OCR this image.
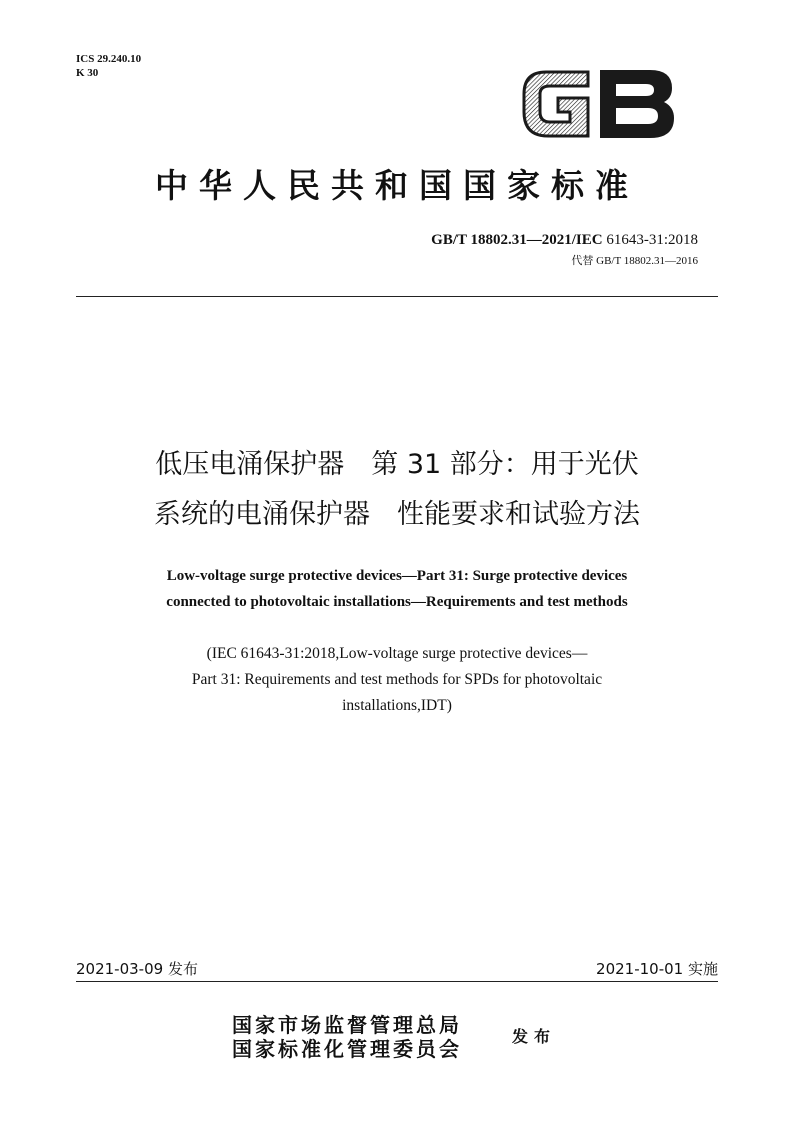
ICS 29.240.10
K 30
中华人民共和国国家标准
GB/T 18802.31—2021/IEC 61643-31:2018
代替 GB/T 18802.31—2016
低压电涌保护器　第 31 部分：用于光伏
系统的电涌保护器　性能要求和试验方法
Low-voltage surge protective devices—Part 31: Surge protective devices
connected to photovoltaic installations—Requirements and test methods
(IEC 61643-31:2018,Low-voltage surge protective devices—
Part 31: Requirements and test methods for SPDs for photovoltaic
installations,IDT)
2021-03-09 发布	2021-10-01 实施
国家市场监督管理总局
国家标准化管理委员会
发布
